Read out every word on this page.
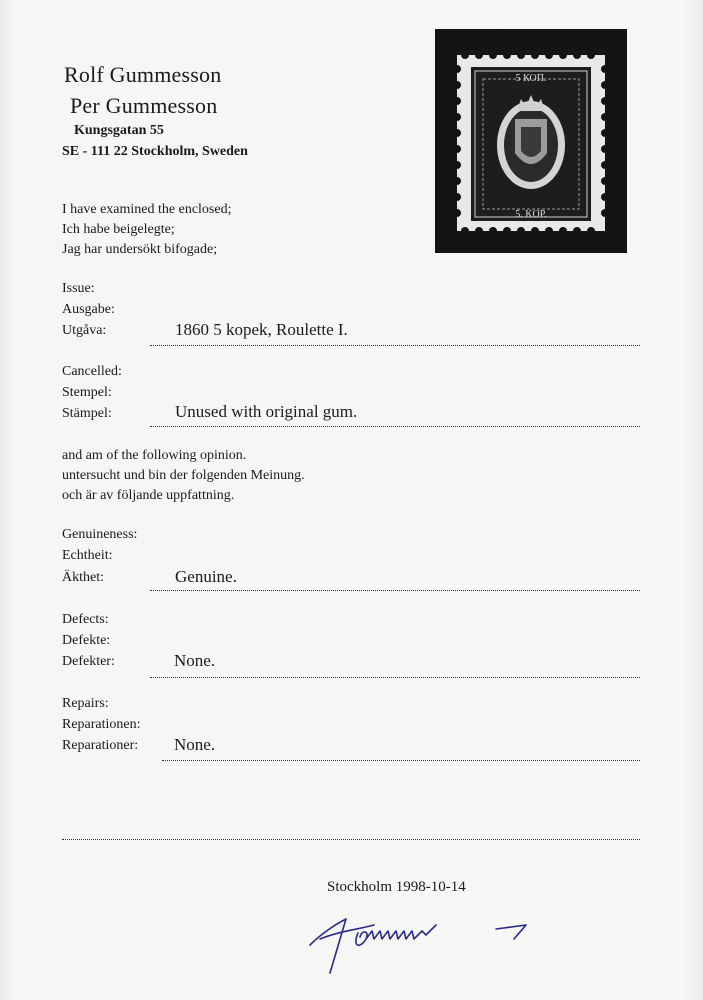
Rolf Gummesson
Per Gummesson
Kungsgatan 55
SE - 111 22 Stockholm, Sweden
5 КОП.
5. KOP.
I have examined the enclosed;
Ich habe beigelegte;
Jag har undersökt bifogade;
Issue:
Ausgabe:
Utgåva:	1860 5 kopek, Roulette I.
Cancelled:
Stempel:
Stämpel:	Unused with original gum.
and am of the following opinion.
untersucht und bin der folgenden Meinung.
och är av följande uppfattning.
Genuineness:
Echtheit:
Äkthet:	Genuine.
Defects:
Defekte:
Defekter:	None.
Repairs:
Reparationen:
Reparationer: None.
Stockholm 1998-10-14
